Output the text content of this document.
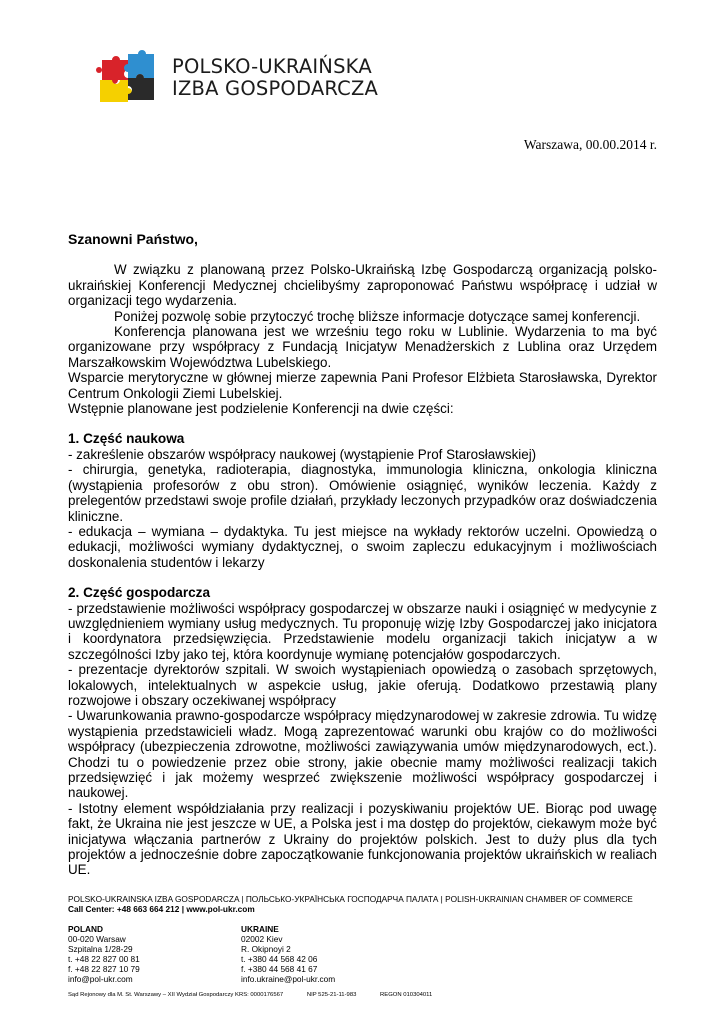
POLSKO-UKRAIŃSKA
IZBA GOSPODARCZA
Warszawa, 00.00.2014 r.

Szanowni Państwo,

W związku z planowaną przez Polsko-Ukraińską Izbę Gospodarczą organizacją polsko-ukraińskiej Konferencji Medycznej chcielibyśmy zaproponować Państwu współpracę i udział w organizacji tego wydarzenia.

Poniżej pozwolę sobie przytoczyć trochę bliższe informacje dotyczące samej konferencji.

Konferencja planowana jest we wrześniu tego roku w Lublinie. Wydarzenia to ma być organizowane przy współpracy z Fundacją Inicjatyw Menadżerskich z Lublina oraz Urzędem Marszałkowskim Województwa Lubelskiego.

Wsparcie merytoryczne w głównej mierze zapewnia Pani Profesor Elżbieta Starosławska, Dyrektor Centrum Onkologii Ziemi Lubelskiej.

Wstępnie planowane jest podzielenie Konferencji na dwie części:

1. Część naukowa

- zakreślenie obszarów współpracy naukowej (wystąpienie Prof Starosławskiej)

- chirurgia, genetyka, radioterapia, diagnostyka, immunologia kliniczna, onkologia kliniczna (wystąpienia profesorów z obu stron). Omówienie osiągnięć, wyników leczenia. Każdy z prelegentów przedstawi swoje profile działań, przykłady leczonych przypadków oraz doświadczenia kliniczne.

- edukacja – wymiana – dydaktyka. Tu jest miejsce na wykłady rektorów uczelni. Opowiedzą o edukacji, możliwości wymiany dydaktycznej, o swoim zapleczu edukacyjnym i możliwościach doskonalenia studentów i lekarzy

2. Część gospodarcza

- przedstawienie możliwości współpracy gospodarczej w obszarze nauki i osiągnięć w medycynie z uwzględnieniem wymiany usług medycznych. Tu proponuję wizję Izby Gospodarczej jako inicjatora i koordynatora przedsięwzięcia. Przedstawienie modelu organizacji takich inicjatyw a w szczególności Izby jako tej, która koordynuje wymianę potencjałów gospodarczych.

- prezentacje dyrektorów szpitali. W swoich wystąpieniach opowiedzą o zasobach sprzętowych, lokalowych, intelektualnych w aspekcie usług, jakie oferują. Dodatkowo przestawią plany rozwojowe i obszary oczekiwanej współpracy

- Uwarunkowania prawno-gospodarcze współpracy międzynarodowej w zakresie zdrowia. Tu widzę wystąpienia przedstawicieli władz. Mogą zaprezentować warunki obu krajów co do możliwości współpracy (ubezpieczenia zdrowotne, możliwości zawiązywania umów międzynarodowych, ect.). Chodzi tu o powiedzenie przez obie strony, jakie obecnie mamy możliwości realizacji takich przedsięwzięć i jak możemy wesprzeć zwiększenie możliwości współpracy gospodarczej i naukowej.

- Istotny element współdziałania przy realizacji i pozyskiwaniu projektów UE. Biorąc pod uwagę fakt, że Ukraina nie jest jeszcze w UE, a Polska jest i ma dostęp do projektów, ciekawym może być inicjatywa włączania partnerów z Ukrainy do projektów polskich. Jest to duży plus dla tych projektów a jednocześnie dobre zapoczątkowanie funkcjonowania projektów ukraińskich w realiach UE.

POLSKO-UKRAINSKA IZBA GOSPODARCZA | ПОЛЬСЬКО-УКРАЇНСЬКА ГОСПОДАРЧА ПАЛАТА | POLISH-UKRAINIAN CHAMBER OF COMMERCE
Call Center: +48 663 664 212 | www.pol-ukr.com
POLAND
00-020 Warsaw
Szpitalna 1/28-29
t. +48 22 827 00 81
f. +48 22 827 10 79
info@pol-ukr.com
UKRAINE
02002 Kiev
R. Okipnoyi 2
t. +380 44 568 42 06
f. +380 44 568 41 67
info.ukraine@pol-ukr.com
Sąd Rejonowy dla M. St. Warszawy – XII Wydział Gospodarczy KRS: 0000176567	NIP 525-21-11-983	REGON 010304011
